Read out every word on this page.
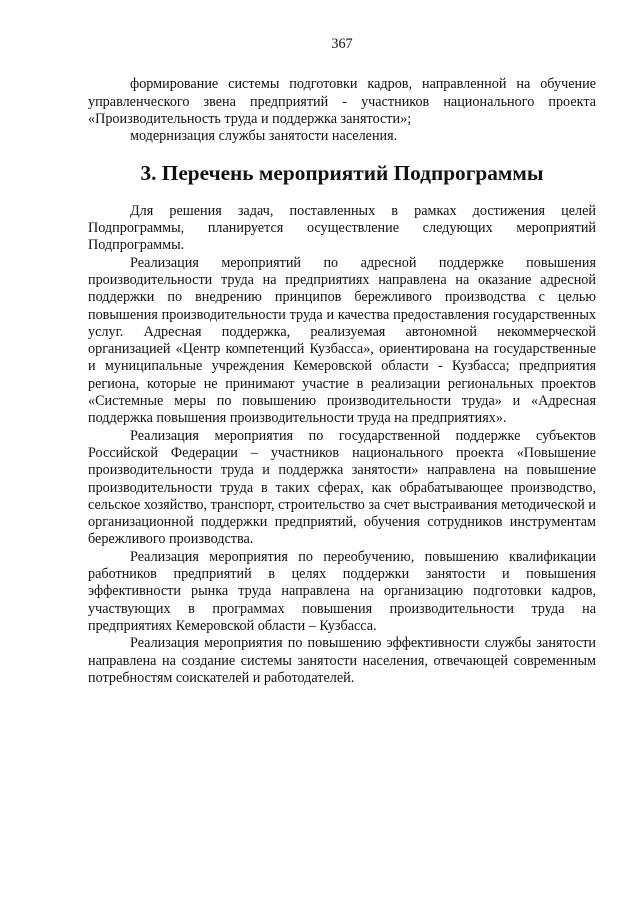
367

формирование системы подготовки кадров, направленной на обучение управленческого звена предприятий - участников национального проекта «Производительность труда и поддержка занятости»;

модернизация службы занятости населения.

3. Перечень мероприятий Подпрограммы

Для решения задач, поставленных в рамках достижения целей Подпрограммы, планируется осуществление следующих мероприятий Подпрограммы.

Реализация мероприятий по адресной поддержке повышения производительности труда на предприятиях направлена на оказание адресной поддержки по внедрению принципов бережливого производства с целью повышения производительности труда и качества предоставления государственных услуг. Адресная поддержка, реализуемая автономной некоммерческой организацией «Центр компетенций Кузбасса», ориентирована на государственные и муниципальные учреждения Кемеровской области - Кузбасса; предприятия региона, которые не принимают участие в реализации региональных проектов «Системные меры по повышению производительности труда» и «Адресная поддержка повышения производительности труда на предприятиях».

Реализация мероприятия по государственной поддержке субъектов Российской Федерации – участников национального проекта «Повышение производительности труда и поддержка занятости» направлена на повышение производительности труда в таких сферах, как обрабатывающее производство, сельское хозяйство, транспорт, строительство за счет выстраивания методической и организационной поддержки предприятий, обучения сотрудников инструментам бережливого производства.

Реализация мероприятия по переобучению, повышению квалификации работников предприятий в целях поддержки занятости и повышения эффективности рынка труда направлена на организацию подготовки кадров, участвующих в программах повышения производительности труда на предприятиях Кемеровской области – Кузбасса.

Реализация мероприятия по повышению эффективности службы занятости направлена на создание системы занятости населения, отвечающей современным потребностям соискателей и работодателей.
